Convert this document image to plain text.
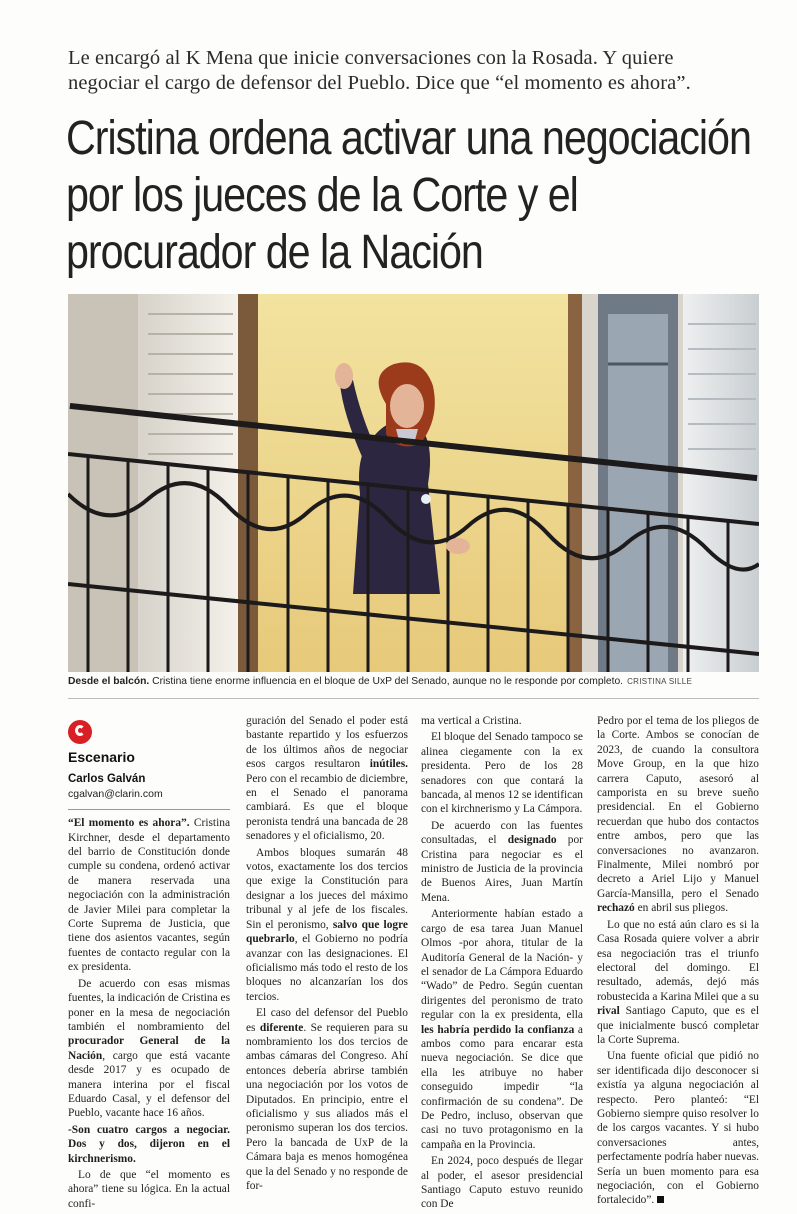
Le encargó al K Mena que inicie conversaciones con la Rosada. Y quiere negociar el cargo de defensor del Pueblo. Dice que “el momento es ahora”.
Cristina ordena activar una negociación por los jueces de la Corte y el procurador de la Nación
Desde el balcón. Cristina tiene enorme influencia en el bloque de UxP del Senado, aunque no le responde por completo. CRISTINA SILLE
Escenario
Carlos Galván
cgalvan@clarin.com

“El momento es ahora”. Cristina Kirchner, desde el departamento del barrio de Constitución donde cumple su condena, ordenó activar de manera reservada una negociación con la administración de Javier Milei para completar la Corte Suprema de Justicia, que tiene dos asientos vacantes, según fuentes de contacto regular con la ex presidenta.

De acuerdo con esas mismas fuentes, la indicación de Cristina es poner en la mesa de negociación también el nombramiento del procurador General de la Nación, cargo que está vacante desde 2017 y es ocupado de manera interina por el fiscal Eduardo Casal, y el defensor del Pueblo, vacante hace 16 años.

-Son cuatro cargos a negociar. Dos y dos, dijeron en el kirchnerismo.

Lo de que “el momento es ahora” tiene su lógica. En la actual confi-

guración del Senado el poder está bastante repartido y los esfuerzos de los últimos años de negociar esos cargos resultaron inútiles. Pero con el recambio de diciembre, en el Senado el panorama cambiará. Es que el bloque peronista tendrá una bancada de 28 senadores y el oficialismo, 20.

Ambos bloques sumarán 48 votos, exactamente los dos tercios que exige la Constitución para designar a los jueces del máximo tribunal y al jefe de los fiscales. Sin el peronismo, salvo que logre quebrarlo, el Gobierno no podría avanzar con las designaciones. El oficialismo más todo el resto de los bloques no alcanzarían los dos tercios.

El caso del defensor del Pueblo es diferente. Se requieren para su nombramiento los dos tercios de ambas cámaras del Congreso. Ahí entonces debería abrirse también una negociación por los votos de Diputados. En principio, entre el oficialismo y sus aliados más el peronismo superan los dos tercios. Pero la bancada de UxP de la Cámara baja es menos homogénea que la del Senado y no responde de for-

ma vertical a Cristina.

El bloque del Senado tampoco se alinea ciegamente con la ex presidenta. Pero de los 28 senadores con que contará la bancada, al menos 12 se identifican con el kirchnerismo y La Cámpora.

De acuerdo con las fuentes consultadas, el designado por Cristina para negociar es el ministro de Justicia de la provincia de Buenos Aires, Juan Martín Mena.

Anteriormente habían estado a cargo de esa tarea Juan Manuel Olmos -por ahora, titular de la Auditoría General de la Nación- y el senador de La Cámpora Eduardo “Wado” de Pedro. Según cuentan dirigentes del peronismo de trato regular con la ex presidenta, ella les habría perdido la confianza a ambos como para encarar esta nueva negociación. Se dice que ella les atribuye no haber conseguido impedir “la confirmación de su condena”. De De Pedro, incluso, observan que casi no tuvo protagonismo en la campaña en la Provincia.

En 2024, poco después de llegar al poder, el asesor presidencial Santiago Caputo estuvo reunido con De

Pedro por el tema de los pliegos de la Corte. Ambos se conocían de 2023, de cuando la consultora Move Group, en la que hizo carrera Caputo, asesoró al camporista en su breve sueño presidencial. En el Gobierno recuerdan que hubo dos contactos entre ambos, pero que las conversaciones no avanzaron. Finalmente, Milei nombró por decreto a Ariel Lijo y Manuel García-Mansilla, pero el Senado rechazó en abril sus pliegos.

Lo que no está aún claro es si la Casa Rosada quiere volver a abrir esa negociación tras el triunfo electoral del domingo. El resultado, además, dejó más robustecida a Karina Milei que a su rival Santiago Caputo, que es el que inicialmente buscó completar la Corte Suprema.

Una fuente oficial que pidió no ser identificada dijo desconocer si existía ya alguna negociación al respecto. Pero planteó: “El Gobierno siempre quiso resolver lo de los cargos vacantes. Y si hubo conversaciones antes, perfectamente podría haber nuevas. Sería un buen momento para esa negociación, con el Gobierno fortalecido”.
